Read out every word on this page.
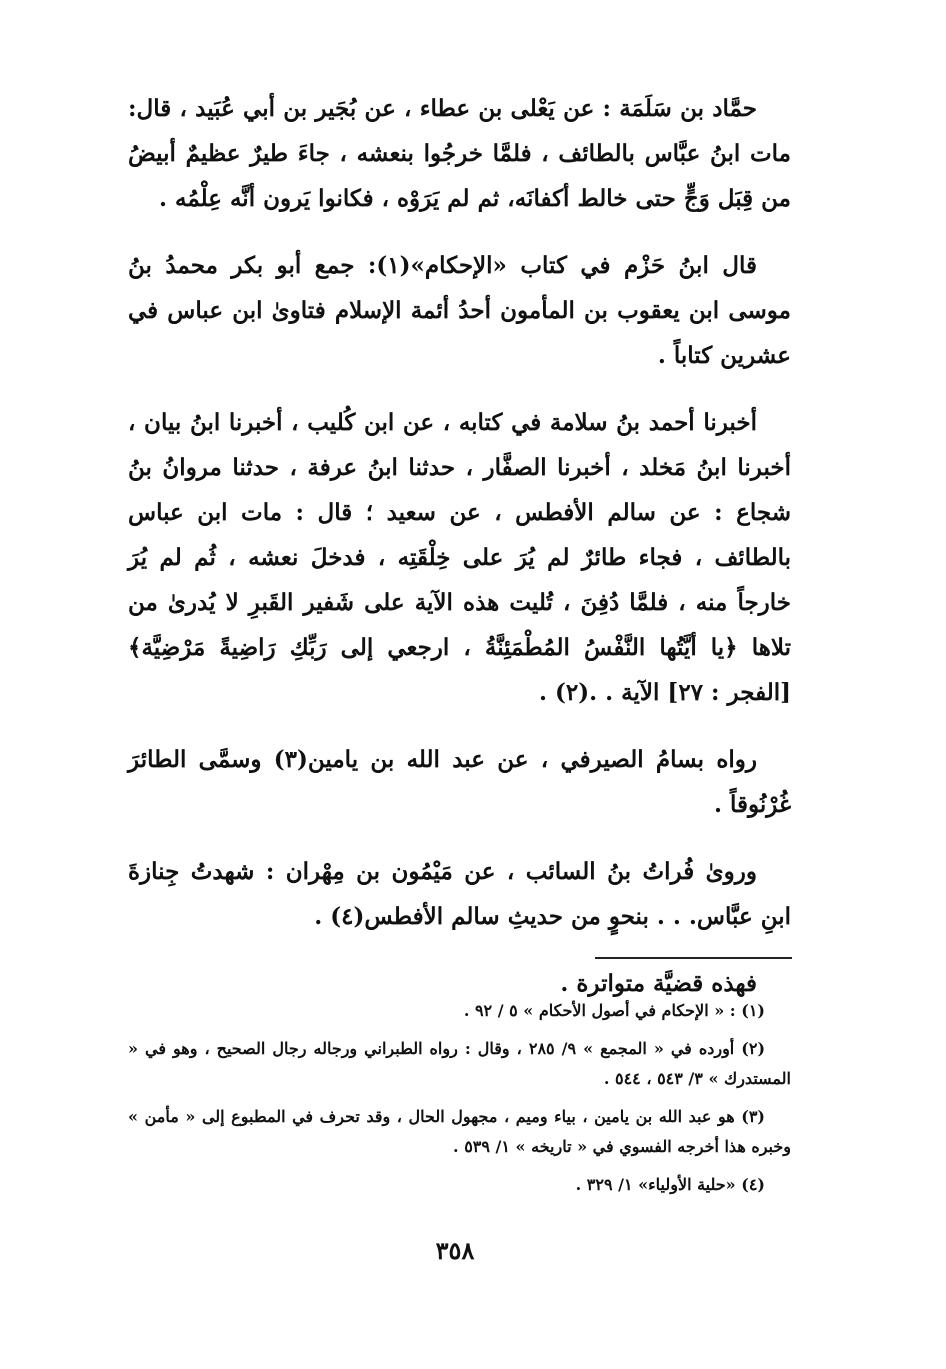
حمَّاد بن سَلَمَة : عن يَعْلى بن عطاء ، عن بُجَير بن أبي عُبَيد ، قال: مات ابنُ عبَّاس بالطائف ، فلمَّا خرجُوا بنعشه ، جاءَ طيرٌ عظيمٌ أبيضُ من قِبَل وَجٍّ حتى خالط أكفانَه، ثم لم يَرَوْه ، فكانوا يَرون أنَّه عِلْمُه .

قال ابنُ حَزْم في كتاب «الإحكام»(١): جمع أبو بكر محمدُ بنُ موسى ابن يعقوب بن المأمون أحدُ أئمة الإسلام فتاوىٰ ابن عباس في عشرين كتاباً .

أخبرنا أحمد بنُ سلامة في كتابه ، عن ابن كُليب ، أخبرنا ابنُ بيان ، أخبرنا ابنُ مَخلد ، أخبرنا الصفَّار ، حدثنا ابنُ عرفة ، حدثنا مروانُ بنُ شجاع : عن سالم الأفطس ، عن سعيد ؛ قال : مات ابن عباس بالطائف ، فجاء طائرٌ لم يُرَ على خِلْقَتِه ، فدخلَ نعشه ، ثُم لم يُرَ خارجاً منه ، فلمَّا دُفِنَ ، تُليت هذه الآية على شَفير القَبرِ لا يُدرىٰ من تلاها ﴿يا أيَّتُها النَّفْسُ المُطْمَئِنَّةُ ، ارجعي إلى رَبِّكِ رَاضِيةً مَرْضِيَّة﴾ [الفجر : ٢٧] الآية . .(٢) .

رواه بسامُ الصيرفي ، عن عبد الله بن يامين(٣) وسمَّى الطائرَ غُرْنُوقاً .

وروىٰ فُراتُ بنُ السائب ، عن مَيْمُون بن مِهْران : شهدتُ جِنازةَ ابنِ عبَّاس. . . بنحوٍ من حديثِ سالم الأفطس(٤) .

فهذه قضيَّة متواترة .

(١) : « الإحكام في أصول الأحكام » ٥ / ٩٢ .

(٢) أورده في « المجمع » ٩/ ٢٨٥ ، وقال : رواه الطبراني ورجاله رجال الصحيح ، وهو في « المستدرك » ٣/ ٥٤٣ ، ٥٤٤ .

(٣) هو عبد الله بن يامين ، بياء وميم ، مجهول الحال ، وقد تحرف في المطبوع إلى « مأمن » وخبره هذا أخرجه الفسوي في « تاريخه » ١/ ٥٣٩ .

(٤) «حلية الأولياء» ١/ ٣٢٩ .

٣٥٨
